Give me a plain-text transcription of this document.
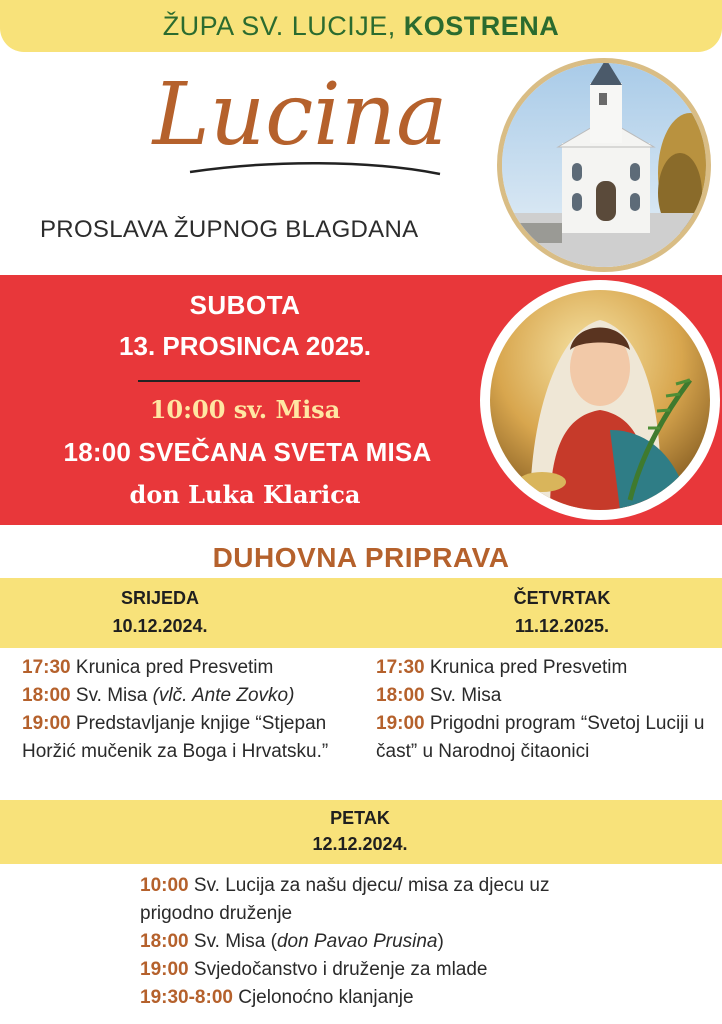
ŽUPA SV. LUCIJE, KOSTRENA
Lucina
PROSLAVA ŽUPNOG BLAGDANA
SUBOTA
13. PROSINCA 2025.
10:00 sv. Misa
18:00 SVEČANA SVETA MISA
don Luka Klarica
DUHOVNA PRIPRAVA
SRIJEDA
10.12.2024.
ČETVRTAK
11.12.2025.
17:30 Krunica pred Presvetim
18:00 Sv. Misa (vlč. Ante Zovko)
19:00 Predstavljanje knjige “Stjepan Horžić mučenik za Boga i Hrvatsku.”
17:30 Krunica pred Presvetim
18:00 Sv. Misa
19:00 Prigodni program “Svetoj Luciji u čast” u Narodnoj čitaonici
PETAK
12.12.2024.
10:00 Sv. Lucija za našu djecu/ misa za djecu uz prigodno druženje
18:00 Sv. Misa (don Pavao Prusina)
19:00 Svjedočanstvo i druženje za mlade
19:30-8:00 Cjelonoćno klanjanje
